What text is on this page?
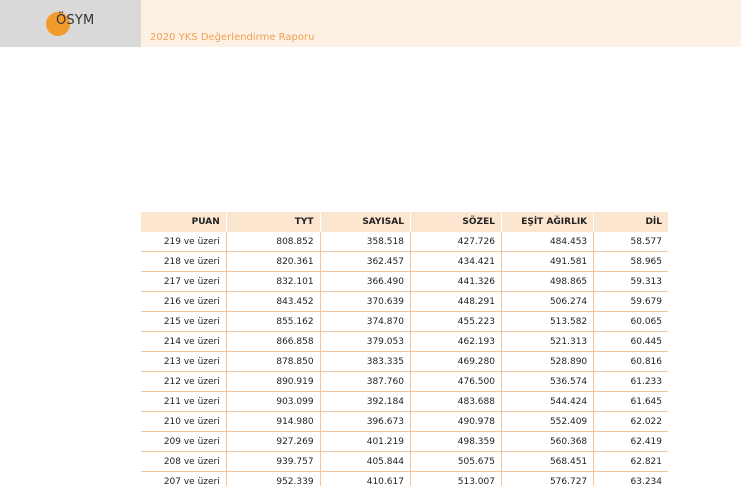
ÖSYM
2020 YKS Değerlendirme Raporu
PUAN	TYT	SAYISAL	SÖZEL	EŞİT AĞIRLIK	DİL
219 ve üzeri	808.852	358.518	427.726	484.453	58.577
218 ve üzeri	820.361	362.457	434.421	491.581	58.965
217 ve üzeri	832.101	366.490	441.326	498.865	59.313
216 ve üzeri	843.452	370.639	448.291	506.274	59.679
215 ve üzeri	855.162	374.870	455.223	513.582	60.065
214 ve üzeri	866.858	379.053	462.193	521.313	60.445
213 ve üzeri	878.850	383.335	469.280	528.890	60.816
212 ve üzeri	890.919	387.760	476.500	536.574	61.233
211 ve üzeri	903.099	392.184	483.688	544.424	61.645
210 ve üzeri	914.980	396.673	490.978	552.409	62.022
209 ve üzeri	927.269	401.219	498.359	560.368	62.419
208 ve üzeri	939.757	405.844	505.675	568.451	62.821
207 ve üzeri	952.339	410.617	513.007	576.727	63.234
